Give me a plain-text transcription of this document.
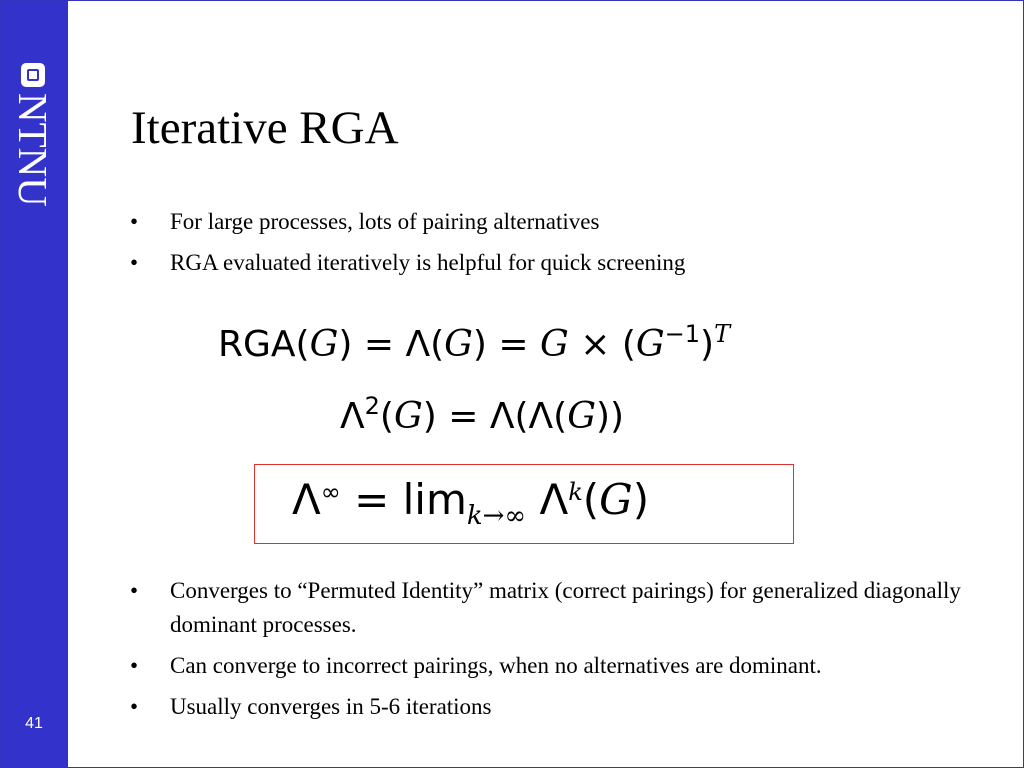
NTNU
41
Iterative RGA
• For large processes, lots of pairing alternatives
• RGA evaluated iteratively is helpful for quick screening
$RGA(G) = \Lambda(G) = G \times (G^{-1})^T$
$\Lambda^2(G) = \Lambda(\Lambda(G))$
$\Lambda^\infty = \lim_{k\to\infty} \Lambda^k(G)$
• Converges to “Permuted Identity” matrix (correct pairings) for generalized diagonally dominant processes.
• Can converge to incorrect pairings, when no alternatives are dominant.
• Usually converges in 5-6 iterations
